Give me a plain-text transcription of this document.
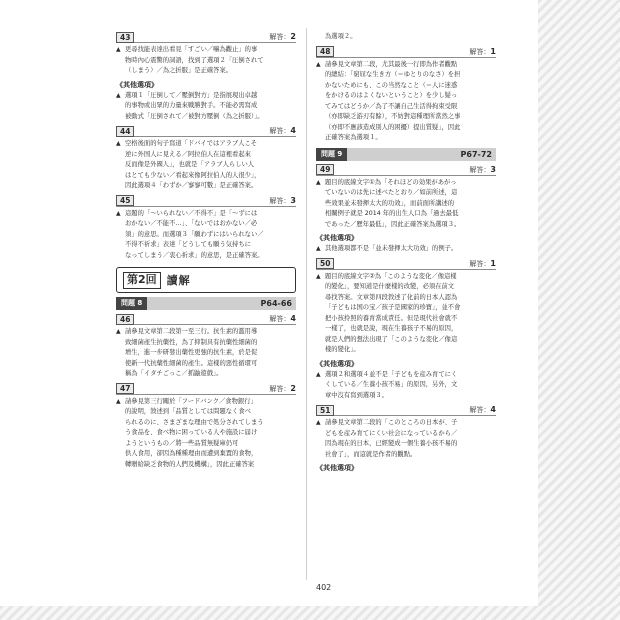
43	解答：2

▲ 更尋找能表達出看見「すごい／嚇為觀止」的事

物時內心震驚的詞語，找到了選項２「圧倒されて

（しまう）／為之折服」是正確答案。

《其他選項》

▲ 選項１「圧倒して／壓倒對方」是指展現出卓越

的事物或出眾的力量來戰勝對手。不能必需寫成

被動式「圧倒されて／被對方壓倒（為之折服）」。

44	解答：4

▲ 空格後面的句子寫道「ドバイではアラブ人こそ

逆に外国人に見える／阿拉伯人在這裡看起來

反而像是外國人」，也就是「アラブ人らしい人

はとても少ない／看起來像阿拉伯人的人很少」，

因此選項４「わずか／寥寥可數」是正確答案。

45	解答：3

▲ 這題的「～いられない／不得不」是「～ずには

おかない／不能不…」、「ないではおかない／必

須」的意思。而選項３「願わずにはいられない／

不得不祈求」表達「どうしても願う気持ちに

なってしまう／衷心祈求」的意思，是正確答案。

第2回 讀解
問題 8	P64-66
46	解答：4

▲ 請參見文章第二段第一至三行。抗生素的濫用導

致細菌產生抗藥性，為了抑制具有抗藥性細菌的

增生，進一步研發出藥性更強的抗生素，於是促

使新一代抗藥性細菌的產生。這樣的惡性循環可

稱為「イタチごっこ／抓鼬遊戲」。

47	解答：2

▲ 請參見第三行關於「フードバンク／食物銀行」

的說明，敘述到「品質としては問題なく食べ

られるのに、さまざまな理由で処分されてしまう

う食品を、食べ物に困っている人や施設に届け

ようというもの／將一些品質無疑庫仍可

供人食用，卻因為種種理由而遭到棄置的食物，

轉贈給缺乏食物的人們及機構」，因此正確答案

為選項２。

48	解答：1

▲ 請參見文章第二段，尤其最後一行即為作者觀點

的總結：「窮屈な生き方（＝ゆとりのなさ）を担

かないためにも、この当然なこと（＝人に迷惑

をかけるのはよくないということ）を少し疑っ

てみてはどうか／為了不讓自己生活得拘束受限

（亦即缺乏游刃有餘），不妨對這種理所當然之事

（亦即不應該造成別人的困擾）提出質疑」，因此

正確答案為選項１。

問題 9	P67-72
49	解答：3

▲ 題目的底線文字①為「それほどの効果があがっ

ていないのは先に述べたとおり／如前所述，這

些效果並未發揮太大的功效」，而前面所講述的

相關例子就是 2014 年的出生人口為「過去最低

であった／歷年最低」，因此正確答案為選項３。

《其他選項》

▲ 其他選項都不是「並未發揮太大功效」的例子。

50	解答：1

▲ 題目的底線文字②為「このような変化／像這樣

的變化」，要知道是什麼樣的改變，必須在前文

尋找答案。文章第四段敘述了化前的日本人認為

「子どもは国の宝／孩子是國家的珍寶」，並不會

把小孩拎照的養育當成責任。但是現代社會就不

一樣了，也就是說，現在生養孩子不易的原因，

就是人們的想法出現了「このような変化／像這

樣的變化」。

《其他選項》

▲ 選項２和選項４並不是「子どもを産み育てにく

くしている／生養小孩不易」的原因，另外，文

章中沒有寫到選項３。

51	解答：4

▲ 請參見文章第二段的「このところの日本が、子

どもを産み育てにくい社会になっているから／

因為現在的日本，已經變成一個生養小孩不易的

社會了」，而這就是作者的觀點。

《其他選項》
402
